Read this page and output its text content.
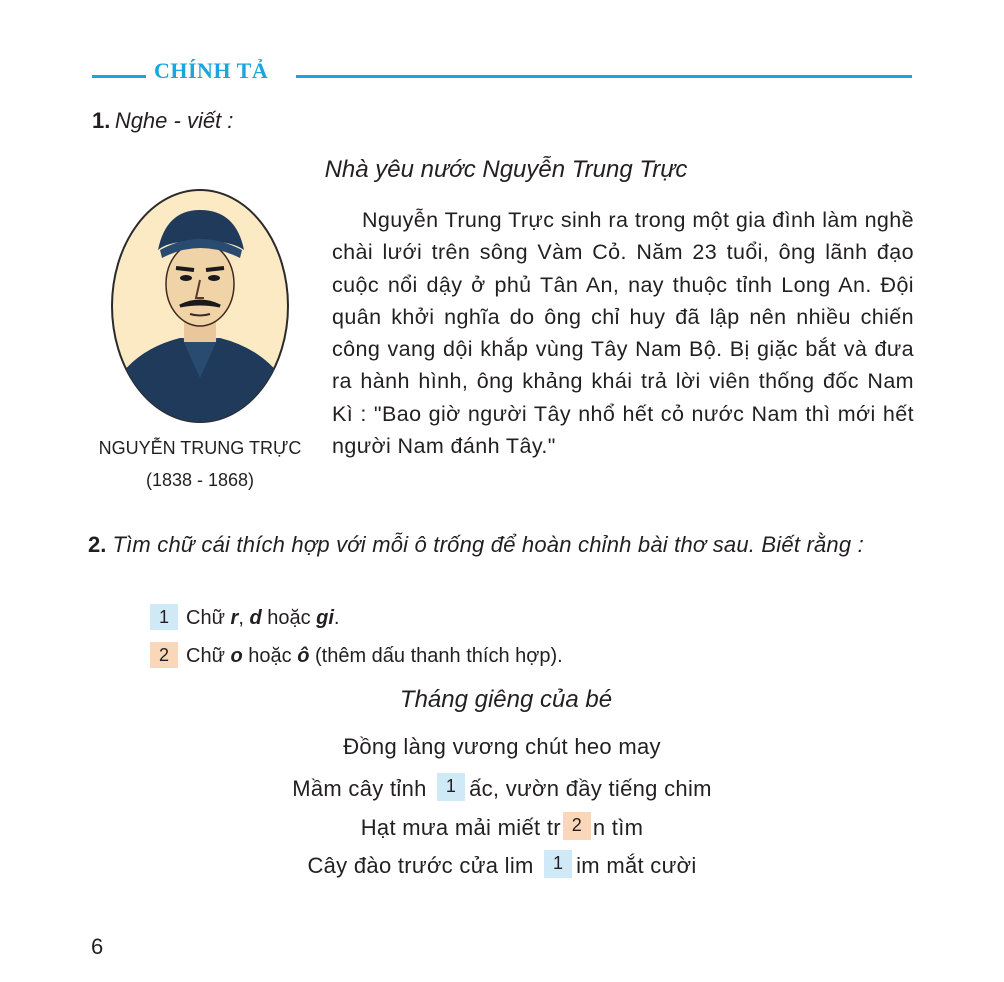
CHÍNH TẢ
1. Nghe - viết :
Nhà yêu nước Nguyễn Trung Trực
NGUYỄN TRUNG TRỰC
(1838 - 1868)
Nguyễn Trung Trực sinh ra trong một gia đình làm nghề chài lưới trên sông Vàm Cỏ. Năm 23 tuổi, ông lãnh đạo cuộc nổi dậy ở phủ Tân An, nay thuộc tỉnh Long An. Đội quân khởi nghĩa do ông chỉ huy đã lập nên nhiều chiến công vang dội khắp vùng Tây Nam Bộ. Bị giặc bắt và đưa ra hành hình, ông khảng khái trả lời viên thống đốc Nam Kì : "Bao giờ người Tây nhổ hết cỏ nước Nam thì mới hết người Nam đánh Tây."
2. Tìm chữ cái thích hợp với mỗi ô trống để hoàn chỉnh bài thơ sau. Biết rằng :
1 Chữ r, d hoặc gi.
2 Chữ o hoặc ô (thêm dấu thanh thích hợp).
Tháng giêng của bé
Đồng làng vương chút heo may
Mầm cây tỉnh 1 ấc, vườn đầy tiếng chim
Hạt mưa mải miết tr 2 n tìm
Cây đào trước cửa lim 1 im mắt cười
6
